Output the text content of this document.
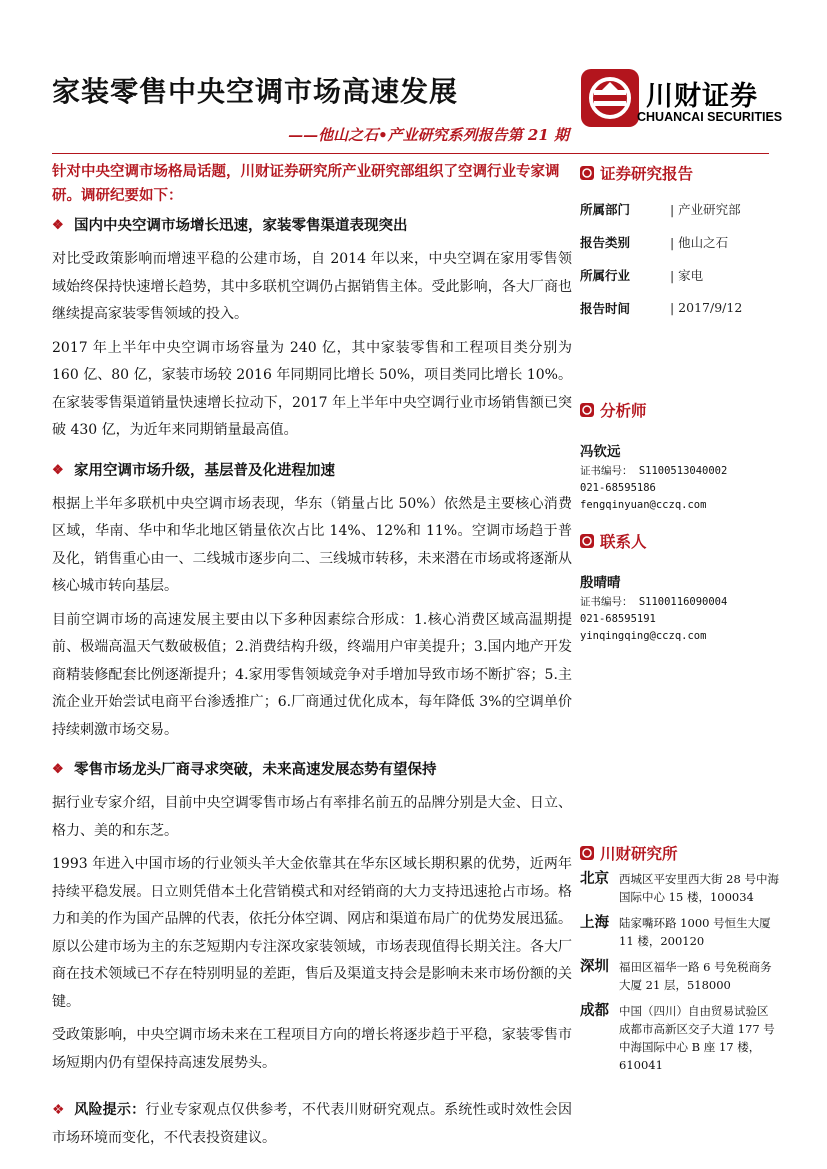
家装零售中央空调市场高速发展	川财证券
CHUANCAI SECURITIES
——他山之石•产业研究系列报告第 21 期

针对中央空调市场格局话题，川财证券研究所产业研究部组织了空调行业专家调研。调研纪要如下：

❖ 国内中央空调市场增长迅速，家装零售渠道表现突出

对比受政策影响而增速平稳的公建市场，自 2014 年以来，中央空调在家用零售领域始终保持快速增长趋势，其中多联机空调仍占据销售主体。受此影响，各大厂商也继续提高家装零售领域的投入。

2017 年上半年中央空调市场容量为 240 亿，其中家装零售和工程项目类分别为 160 亿、80 亿，家装市场较 2016 年同期同比增长 50%，项目类同比增长 10%。在家装零售渠道销量快速增长拉动下，2017 年上半年中央空调行业市场销售额已突破 430 亿，为近年来同期销量最高值。

❖ 家用空调市场升级，基层普及化进程加速

根据上半年多联机中央空调市场表现，华东（销量占比 50%）依然是主要核心消费区域，华南、华中和华北地区销量依次占比 14%、12%和 11%。空调市场趋于普及化，销售重心由一、二线城市逐步向二、三线城市转移，未来潜在市场或将逐渐从核心城市转向基层。

目前空调市场的高速发展主要由以下多种因素综合形成：1.核心消费区域高温期提前、极端高温天气数破极值；2.消费结构升级，终端用户审美提升；3.国内地产开发商精装修配套比例逐渐提升；4.家用零售领域竞争对手增加导致市场不断扩容；5.主流企业开始尝试电商平台渗透推广；6.厂商通过优化成本，每年降低 3%的空调单价持续刺激市场交易。

❖ 零售市场龙头厂商寻求突破，未来高速发展态势有望保持

据行业专家介绍，目前中央空调零售市场占有率排名前五的品牌分别是大金、日立、格力、美的和东芝。

1993 年进入中国市场的行业领头羊大金依靠其在华东区域长期积累的优势，近两年持续平稳发展。日立则凭借本土化营销模式和对经销商的大力支持迅速抢占市场。格力和美的作为国产品牌的代表，依托分体空调、网店和渠道布局广的优势发展迅猛。原以公建市场为主的东芝短期内专注深攻家装领域，市场表现值得长期关注。各大厂商在技术领域已不存在特别明显的差距，售后及渠道支持会是影响未来市场份额的关键。

受政策影响，中央空调市场未来在工程项目方向的增长将逐步趋于平稳，家装零售市场短期内仍有望保持高速发展势头。

❖ 风险提示：行业专家观点仅供参考，不代表川财研究观点。系统性或时效性会因市场环境而变化，不代表投资建议。

证券研究报告
所属部门	| 产业研究部
报告类别	| 他山之石
所属行业	| 家电
报告时间	| 2017/9/12
分析师
冯钦远
证书编号： S1100513040002
021-68595186
fengqinyuan@cczq.com
联系人
殷晴晴
证书编号： S1100116090004
021-68595191
yinqingqing@cczq.com
川财研究所
北京 西城区平安里西大街 28 号中海国际中心 15 楼，100034
上海 陆家嘴环路 1000 号恒生大厦 11 楼，200120
深圳 福田区福华一路 6 号免税商务大厦 21 层，518000
成都 中国（四川）自由贸易试验区成都市高新区交子大道 177 号中海国际中心 B 座 17 楼，610041
